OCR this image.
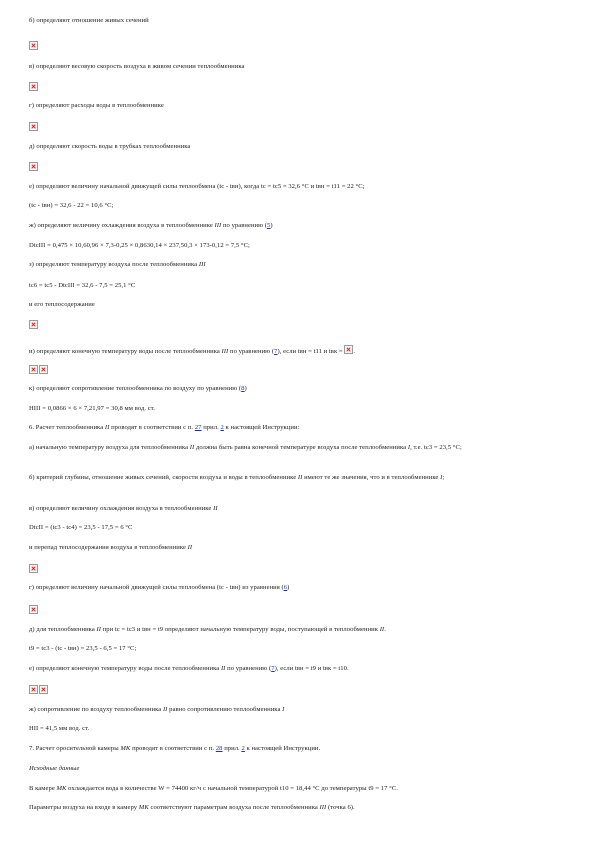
б) определяют отношение живых сечений
в) определяют весовую скорость воздуха в живом сечении теплообменника
г) определяют расходы воды в теплообменнике
д) определяют скорость воды в трубках теплообменника
е) определяют величину начальной движущей силы теплообмена (tс - tвн), когда tс = tс5 = 32,6 °С и tвн = t11 = 22 °С;
(tс - tвн) = 32,6 - 22 = 10,6 °С;
ж) определяют величину охлаждения воздуха в теплообменнике III по уравнению (5)
DtсIII = 0,475 × 10,60,96 × 7,3-0,25 × 0,8630,14 × 237,50,3 × 173-0,12 = 7,5 °С;
з) определяют температуру воздуха после теплообменника III
tс6 = tс5 - DtсIII = 32,6 - 7,5 = 25,1 °С
и его теплосодержание
и) определяют конечную температуру воды после теплообменника III по уравнению (7), если tвн = t11 и tвк = .
к) определяют сопротивление теплообменника по воздуху по уравнению (8)
HIII = 0,0866 × 6 × 7,21,97 = 30,8 мм вод. ст.
6. Расчет теплообменника II проводят в соответствии с п. 27 прил. 2 к настоящей Инструкции:
а) начальную температуру воздуха для теплообменника II должна быть равна конечной температуре воздуха после теплообменника I, т.е. tс3 = 23,5 °С;
б) критерий глубины, отношение живых сечений, скорости воздуха и воды в теплообменнике II имеют те же значения, что и в теплообменнике I;
в) определяют величину охлаждения воздуха в теплообменнике II
DtсII = (tс3 - tс4) = 23,5 - 17,5 = 6 °С
и перепад теплосодержания воздуха в теплообменнике II
г) определяют величину начальной движущей силы теплообмена (tс - tвн) из уравнения (6)
д) для теплообменника II при tс = tс3 и tвн = t9 определяют начальную температуру воды, поступающей в теплообменник II.
t9 = tс3 - (tс - tвн) = 23,5 - 6,5 = 17 °С;
е) определяют конечную температуру воды после теплообменника II по уравнению (7), если tвн = t9 и tвк = t10.
ж) сопротивление по воздуху теплообменника II равно сопротивлению теплообменника I
HII = 41,5 мм вод. ст.
7. Расчет оросительной камеры МК проводят в соответствии с п. 28 прил. 2 к настоящей Инструкции.
Исходные данные
В камере МК охлаждается вода в количестве W = 74400 кг/ч с начальной температурой t10 = 18,44 °С до температуры t9 = 17 °С.
Параметры воздуха на входе в камеру МК соответствуют параметрам воздуха после теплообменника III (точка 6).
